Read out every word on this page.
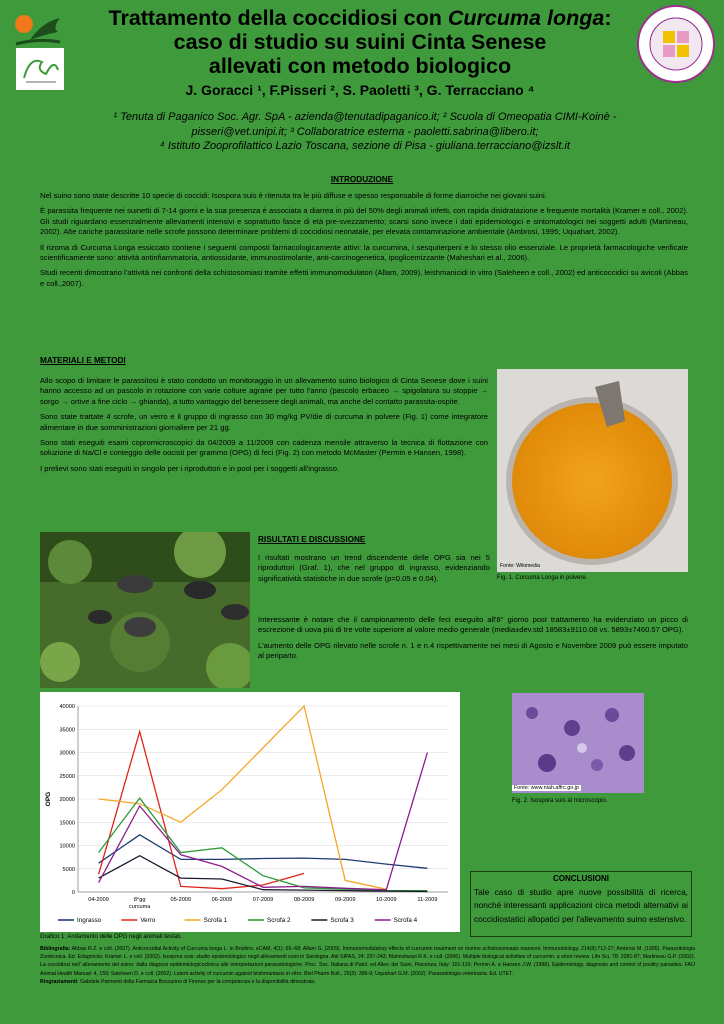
Trattamento della coccidiosi con Curcuma longa:
caso di studio su suini Cinta Senese
allevati con metodo biologico
J. Goracci ¹, F.Pisseri ², S. Paoletti ³, G. Terracciano ⁴
¹ Tenuta di Paganico Soc. Agr. SpA - azienda@tenutadipaganico.it; ² Scuola di Omeopatia CIMI-Koinè -
pisseri@vet.unipi.it; ³ Collaboratrice esterna - paoletti.sabrina@libero.it;
⁴ Istituto Zooprofilattico Lazio Toscana, sezione di Pisa - giuliana.terracciano@izslt.it
INTRODUZIONE

Nel suino sono state descritte 10 specie di coccidi: Isospora suis è ritenuta tra le più diffuse e spesso responsabile di forme diarroiche nei giovani suini.

È parassita frequente nei suinetti di 7-14 giorni e la sua presenza è associata a diarrea in più del 50% degli animali infetti, con rapida disidratazione e frequente mortalità (Kramer e coll., 2002). Gli studi riguardano essenzialmente allevamenti intensivi e soprattutto fasce di età pre-svezzamento; scarsi sono invece i dati epidemiologici e sintomatologici nei soggetti adulti (Martineau, 2002). Alte cariche parassitarie nelle scrofe possono determinare problemi di coccidiosi neonatale, per elevata contaminazione ambientale (Ambrosi, 1995; Uquahart, 2002).

Il rizoma di Curcuma Longa essiccato contiene i seguenti composti farmacologicamente attivi: la curcumina, i sesquiterpeni e lo stesso olio essenziale. Le proprietà farmacologiche verificate scientificamente sono: attività antinfiammatoria, antiossidante, immunostimolante, anti-carcinogenetica, ipoglicemizzante (Maheshari et al., 2006).

Studi recenti dimostrano l'attività nei confronti della schistosomiasi tramite effetti immunomodulatori (Allam, 2009), leishmanicidi in vitro (Saleheen e coll., 2002) ed anticoccidici su avicoli (Abbas e coll.,2007).

MATERIALI E METODI

Allo scopo di limitare le parassitosi è stato condotto un monitoraggio in un allevamento suino biologico di Cinta Senese dove i suini hanno accesso ad un pascolo in rotazione con varie colture agrarie per tutto l'anno (pascolo erbaceo → spigolatura su stoppie → sorgo → ortive a fine ciclo → ghianda), a tutto vantaggio del benessere degli animali, ma anche del contatto parassita-ospite.

Sono state trattate 4 scrofe, un verro e il gruppo di ingrasso con 30 mg/kg PV/die di curcuma in polvere (Fig. 1) come integratore alimentare in due somministrazioni giornaliere per 21 gg.

Sono stati eseguiti esami copromicroscopici da 04/2009 a 11/2009 con cadenza mensile attraverso la tecnica di flottazione con soluzione di Na/Cl e conteggio delle oocisti per grammo (OPG) di feci (Fig. 2) con metodo McMaster (Permin e Hansen, 1998).

I prelievi sono stati eseguiti in singolo per i riproduttori e in pool per i soggetti all'ingrasso.

Fonte: Wikimedia
Fig. 1. Curcuma Longa in polvere.
RISULTATI E DISCUSSIONE

I risultati mostrano un trend discendente delle OPG sia nei 5 riproduttori (Graf. 1), che nel gruppo di ingrasso, evidenziando significatività statistiche in due scrofe (p=0.05 e 0.04).

Interessante è notare che il campionamento delle feci eseguito all'8° giorno post trattamento ha evidenziato un picco di escrezione di uova più di tre volte superiore al valore medio generale (media±dev.std 18583±9110.08 vs. 5893±7460.57 OPG).

L'aumento delle OPG rilevato nelle scrofe n. 1 e n.4 rispettivamente nei mesi di Agosto e Novembre 2009 può essere imputato al periparto.

0
5000
10000
15000
20000
25000
30000
35000
40000
OPG
04-2009	8°gg
curcuma
05-2009	06-2009	07-2009	08-2009	09-2009	10-2009	11-2009
Ingrasso	Verro	Scrofa 1	Scrofa 2	Scrofa 3	Scrofa 4
Grafico 1: Andamento delle OPG negli animali testati.
Fonte: www.niah.affrc.go.jp
Fig. 2. Isospora suis al microscopio.
CONCLUSIONI
Tale caso di studio apre nuove possibilità di ricerca, nonché interessanti applicazioni circa metodi alternativi ai coccidiostatici allopatici per l'allevamento suino estensivo.
Bibliografia: Abbas R.Z. e coll. (2007). Anticoccidial Activity of Curcuma longa L. in Broilers. eCAM, 4(1): 65–68; Allam G. (2009). Immunomodulatory effects of curcumin treatment on murine schistosomiasis mansoni. Immunobiology, 214(8):712-27; Ambrosi M. (1995). Parassitologia Zootecnica. Ed. Edagricole; Kramer L. e coll. (2002). Isospora suis: studio epidemiologico negli allevamenti suini in Sardegna. Atti SIPAS, 24: 237-243; Maheshwari R.K. e coll. (2006). Multiple biological activities of curcumin: a short review. Life Sci, 78: 2081-87; Martineau G.P. (2002). La coccidiosi nell' allevamento del suino: dalla diagnosi epidemiologicoclinica alle interpretazioni parassitologiche. Proc. Soc. Italiana di Patol. ed Allev. dei Suini, Piacenza, Italy: 101-110; Permin A. e Hansen J.W. (1998). Epidemiology, diagnosis and control of poultry parasites. FAO Animal Health Manual: 4, 159; Saleheen D. e coll. (2002). Latent activity of curcumin against leishmaniasis in vitro. Biol Pharm Bull., 25(3): 386-9; Uquahart G.M. (2002). Parassitologia veterinaria. Ed. UTET.
Ringraziamenti: Gabriele Parmenti della Farmacia Boscarino di Firenze per la competenza e la disponibilità dimostrata.
